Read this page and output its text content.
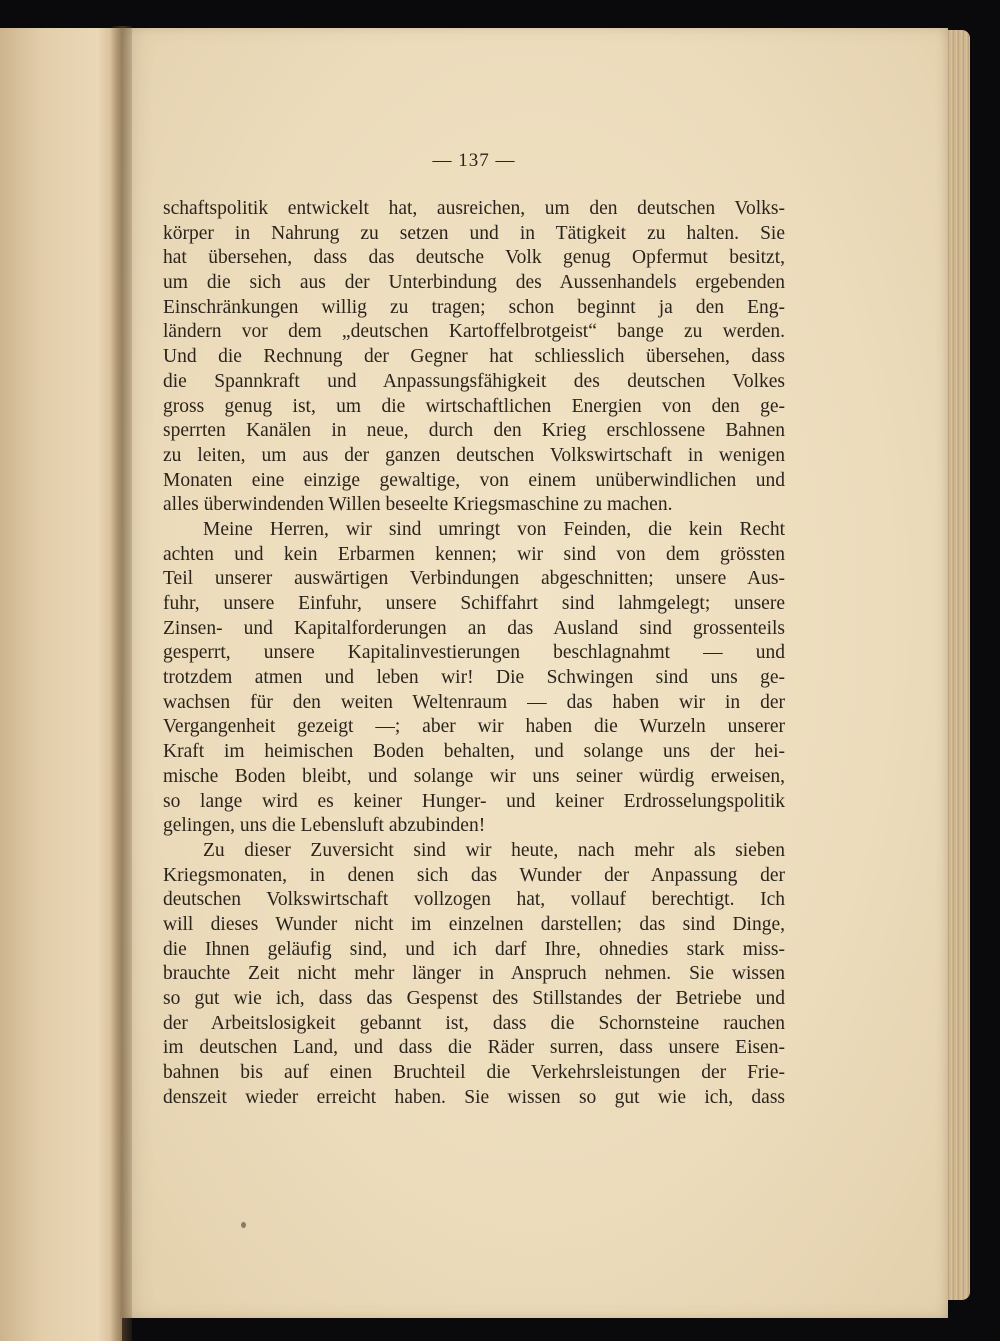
— 137 —
schaftspolitik entwickelt hat, ausreichen, um den deutschen Volks-
körper in Nahrung zu setzen und in Tätigkeit zu halten. Sie
hat übersehen, dass das deutsche Volk genug Opfermut besitzt,
um die sich aus der Unterbindung des Aussenhandels ergebenden
Einschränkungen willig zu tragen; schon beginnt ja den Eng-
ländern vor dem „deutschen Kartoffelbrotgeist“ bange zu werden.
Und die Rechnung der Gegner hat schliesslich übersehen, dass
die Spannkraft und Anpassungsfähigkeit des deutschen Volkes
gross genug ist, um die wirtschaftlichen Energien von den ge-
sperrten Kanälen in neue, durch den Krieg erschlossene Bahnen
zu leiten, um aus der ganzen deutschen Volkswirtschaft in wenigen
Monaten eine einzige gewaltige, von einem unüberwindlichen und
alles überwindenden Willen beseelte Kriegsmaschine zu machen.
Meine Herren, wir sind umringt von Feinden, die kein Recht
achten und kein Erbarmen kennen; wir sind von dem grössten
Teil unserer auswärtigen Verbindungen abgeschnitten; unsere Aus-
fuhr, unsere Einfuhr, unsere Schiffahrt sind lahmgelegt; unsere
Zinsen- und Kapitalforderungen an das Ausland sind grossenteils
gesperrt, unsere Kapitalinvestierungen beschlagnahmt — und
trotzdem atmen und leben wir! Die Schwingen sind uns ge-
wachsen für den weiten Weltenraum — das haben wir in der
Vergangenheit gezeigt —; aber wir haben die Wurzeln unserer
Kraft im heimischen Boden behalten, und solange uns der hei-
mische Boden bleibt, und solange wir uns seiner würdig erweisen,
so lange wird es keiner Hunger- und keiner Erdrosselungspolitik
gelingen, uns die Lebensluft abzubinden!
Zu dieser Zuversicht sind wir heute, nach mehr als sieben
Kriegsmonaten, in denen sich das Wunder der Anpassung der
deutschen Volkswirtschaft vollzogen hat, vollauf berechtigt. Ich
will dieses Wunder nicht im einzelnen darstellen; das sind Dinge,
die Ihnen geläufig sind, und ich darf Ihre, ohnedies stark miss-
brauchte Zeit nicht mehr länger in Anspruch nehmen. Sie wissen
so gut wie ich, dass das Gespenst des Stillstandes der Betriebe und
der Arbeitslosigkeit gebannt ist, dass die Schornsteine rauchen
im deutschen Land, und dass die Räder surren, dass unsere Eisen-
bahnen bis auf einen Bruchteil die Verkehrsleistungen der Frie-
denszeit wieder erreicht haben. Sie wissen so gut wie ich, dass
